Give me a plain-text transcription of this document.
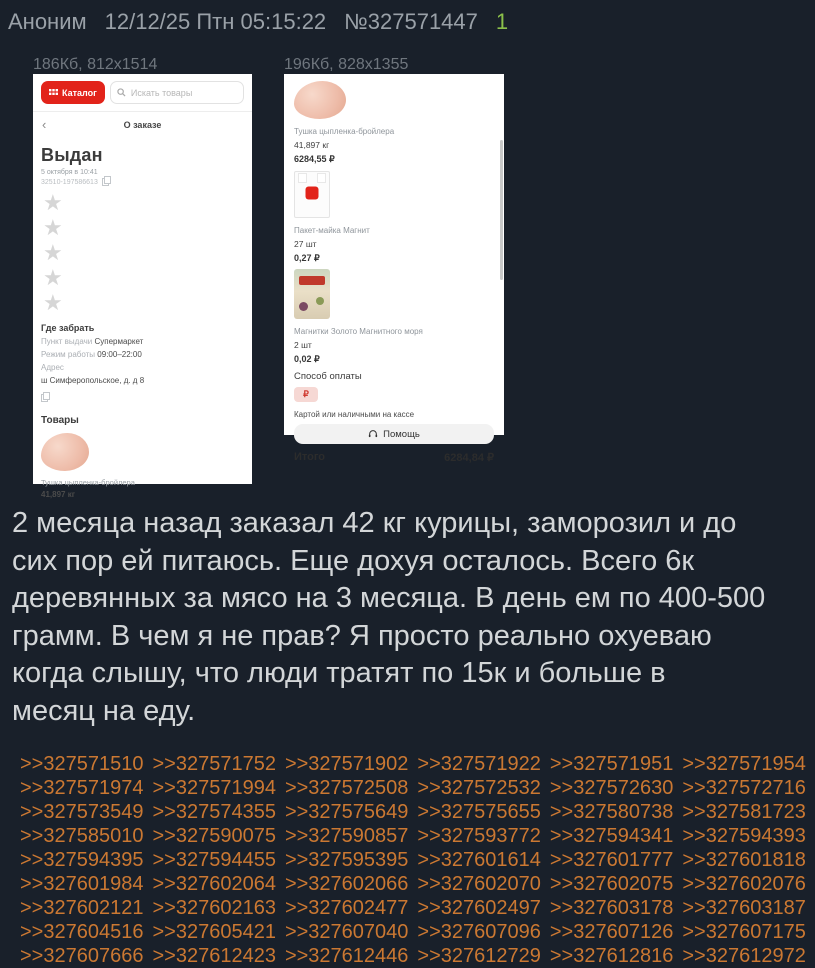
Аноним 12/12/25 Птн 05:15:22 №327571447 1
186Кб, 812x1514	196Кб, 828x1355
Каталог	Искать товары
‹	О заказе
Выдан
5 октября в 10:41
32510-197586613
★
★
★
★
★
Где забрать
Пункт выдачи Супермаркет
Режим работы 09:00–22:00
Адрес
ш Симферопольское, д. д 8
Товары
Тушка цыпленка-бройлера
41,897 кг
Тушка цыпленка-бройлера
41,897 кг
6284,55 ₽
Пакет-майка Магнит
27 шт
0,27 ₽
Магнитки Золото Магнитного моря
2 шт
0,02 ₽
Способ оплаты
₽
Картой или наличными на кассе
Помощь
Итого	6284,84 ₽
2 месяца назад заказал 42 кг курицы, заморозил и до
сих пор ей питаюсь. Еще дохуя осталось. Всего 6к
деревянных за мясо на 3 месяца. В день ем по 400-500
грамм. В чем я не прав? Я просто реально охуеваю
когда слышу, что люди тратят по 15к и больше в
месяц на еду.
>>327571510 >>327571752 >>327571902 >>327571922 >>327571951 >>327571954
>>327571974 >>327571994 >>327572508 >>327572532 >>327572630 >>327572716
>>327573549 >>327574355 >>327575649 >>327575655 >>327580738 >>327581723
>>327585010 >>327590075 >>327590857 >>327593772 >>327594341 >>327594393
>>327594395 >>327594455 >>327595395 >>327601614 >>327601777 >>327601818
>>327601984 >>327602064 >>327602066 >>327602070 >>327602075 >>327602076
>>327602121 >>327602163 >>327602477 >>327602497 >>327603178 >>327603187
>>327604516 >>327605421 >>327607040 >>327607096 >>327607126 >>327607175
>>327607666 >>327612423 >>327612446 >>327612729 >>327612816 >>327612972
